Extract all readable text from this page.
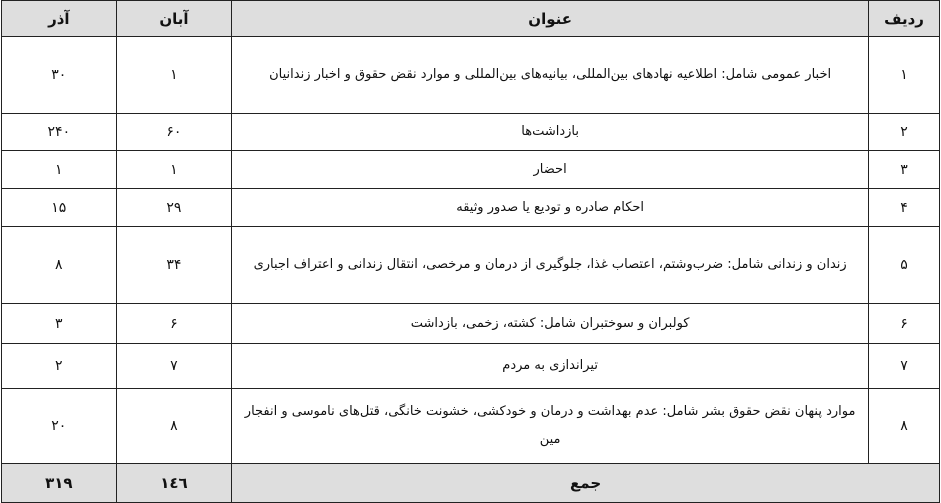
ردیف	عنوان	آبان	آذر
۱	اخبار عمومی شامل: اطلاعیه نهادهای بین‌المللی، بیانیه‌های بین‌المللی و موارد نقض حقوق و اخبار زندانیان	۱	۳۰
۲	بازداشت‌ها	۶۰	۲۴۰
۳	احضار	۱	۱
۴	احکام صادره و تودیع یا صدور وثیقه	۲۹	۱۵
۵	زندان و زندانی شامل: ضرب‌وشتم، اعتصاب غذا، جلوگیری از درمان و مرخصی، انتقال زندانی و اعتراف اجباری	۳۴	۸
۶	کولبران و سوختبران شامل: کشته، زخمی، بازداشت	۶	۳
۷	تیراندازی به مردم	۷	۲
۸	موارد پنهان نقض حقوق بشر شامل: عدم بهداشت و درمان و خودکشی، خشونت خانگی، قتل‌های ناموسی و انفجار مین	۸	۲۰
جمع		١٤٦	۳۱۹
